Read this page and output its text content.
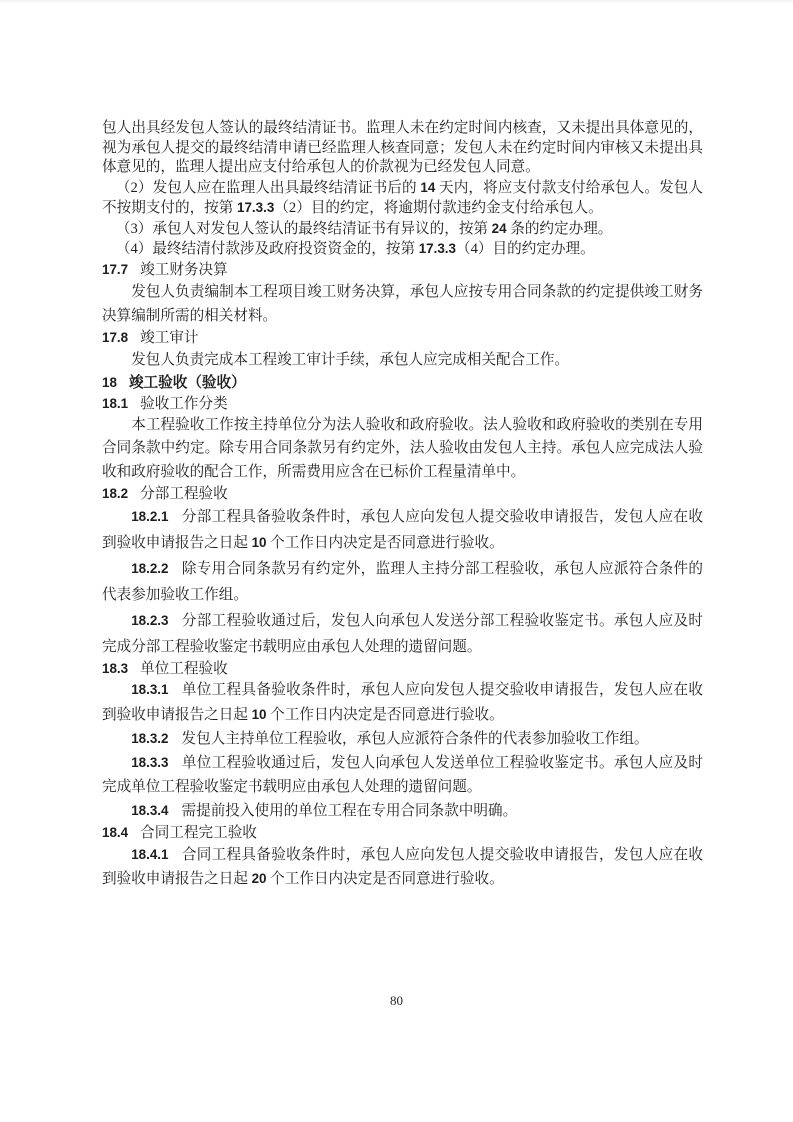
包人出具经发包人签认的最终结清证书。监理人未在约定时间内核查，又未提出具体意见的，视为承包人提交的最终结清申请已经监理人核查同意；发包人未在约定时间内审核又未提出具体意见的，监理人提出应支付给承包人的价款视为已经发包人同意。

（2）发包人应在监理人出具最终结清证书后的 14 天内，将应支付款支付给承包人。发包人不按期支付的，按第 17.3.3（2）目的约定，将逾期付款违约金支付给承包人。

（3）承包人对发包人签认的最终结清证书有异议的，按第 24 条的约定办理。

（4）最终结清付款涉及政府投资资金的，按第 17.3.3（4）目的约定办理。

17.7 竣工财务决算

发包人负责编制本工程项目竣工财务决算，承包人应按专用合同条款的约定提供竣工财务决算编制所需的相关材料。

17.8 竣工审计

发包人负责完成本工程竣工审计手续，承包人应完成相关配合工作。

18 竣工验收（验收）

18.1 验收工作分类

本工程验收工作按主持单位分为法人验收和政府验收。法人验收和政府验收的类别在专用合同条款中约定。除专用合同条款另有约定外，法人验收由发包人主持。承包人应完成法人验收和政府验收的配合工作，所需费用应含在已标价工程量清单中。

18.2 分部工程验收

18.2.1 分部工程具备验收条件时，承包人应向发包人提交验收申请报告，发包人应在收到验收申请报告之日起 10 个工作日内决定是否同意进行验收。

18.2.2 除专用合同条款另有约定外，监理人主持分部工程验收，承包人应派符合条件的代表参加验收工作组。

18.2.3 分部工程验收通过后，发包人向承包人发送分部工程验收鉴定书。承包人应及时完成分部工程验收鉴定书载明应由承包人处理的遗留问题。

18.3 单位工程验收

18.3.1 单位工程具备验收条件时，承包人应向发包人提交验收申请报告，发包人应在收到验收申请报告之日起 10 个工作日内决定是否同意进行验收。

18.3.2 发包人主持单位工程验收，承包人应派符合条件的代表参加验收工作组。

18.3.3 单位工程验收通过后，发包人向承包人发送单位工程验收鉴定书。承包人应及时完成单位工程验收鉴定书载明应由承包人处理的遗留问题。

18.3.4 需提前投入使用的单位工程在专用合同条款中明确。

18.4 合同工程完工验收

18.4.1 合同工程具备验收条件时，承包人应向发包人提交验收申请报告，发包人应在收到验收申请报告之日起 20 个工作日内决定是否同意进行验收。

80
